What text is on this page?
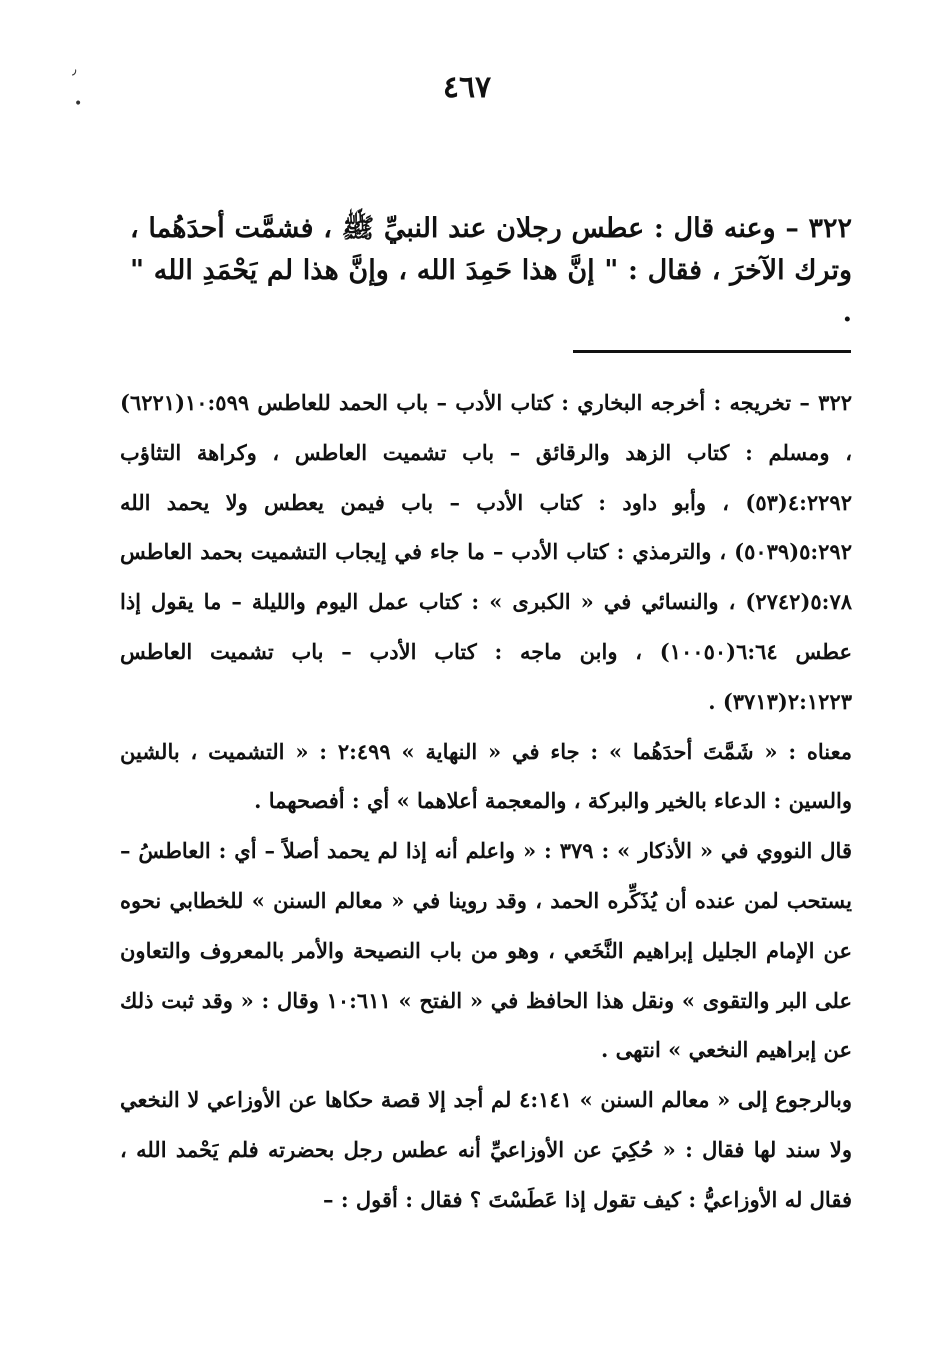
٫
•	٤٦٧

٣٢٢ – وعنه قال : عطس رجلان عند النبيِّ ﷺ ، فشمَّت أحدَهُما ، وترك الآخرَ ، فقال : " إنَّ هذا حَمِدَ الله ، وإنَّ هذا لم يَحْمَدِ الله " .

٣٢٢ – تخريجه : أخرجه البخاري : كتاب الأدب – باب الحمد للعاطس ١٠:٥٩٩(٦٢٢١) ، ومسلم : كتاب الزهد والرقائق – باب تشميت العاطس ، وكراهة التثاؤب ٤:٢٢٩٢(٥٣) ، وأبو داود : كتاب الأدب – باب فيمن يعطس ولا يحمد الله ٥:٢٩٢(٥٠٣٩) ، والترمذي : كتاب الأدب – ما جاء في إيجاب التشميت بحمد العاطس ٥:٧٨(٢٧٤٢) ، والنسائي في « الكبرى » : كتاب عمل اليوم والليلة – ما يقول إذا عطس ٦:٦٤(١٠٠٥٠) ، وابن ماجه : كتاب الأدب – باب تشميت العاطس ٢:١٢٢٣(٣٧١٣) .

معناه : « شَمَّتَ أحدَهُما » : جاء في « النهاية » ٢:٤٩٩ : « التشميت ، بالشين والسين : الدعاء بالخير والبركة ، والمعجمة أعلاهما » أي : أفصحهما .

قال النووي في « الأذكار » : ٣٧٩ : « واعلم أنه إذا لم يحمد أصلاً – أي : العاطسُ – يستحب لمن عنده أن يُذَكِّره الحمد ، وقد روينا في « معالم السنن » للخطابي نحوه عن الإمام الجليل إبراهيم النَّخَعي ، وهو من باب النصيحة والأمر بالمعروف والتعاون على البر والتقوى » ونقل هذا الحافظ في « الفتح » ١٠:٦١١ وقال : « وقد ثبت ذلك عن إبراهيم النخعي » انتهى .

وبالرجوع إلى « معالم السنن » ٤:١٤١ لم أجد إلا قصة حكاها عن الأوزاعي لا النخعي ولا سند لها فقال : « حُكِيَ عن الأوزاعيِّ أنه عطس رجل بحضرته فلم يَحْمد الله ، فقال له الأوزاعيُّ : كيف تقول إذا عَطَسْتَ ؟ فقال : أقول : –
